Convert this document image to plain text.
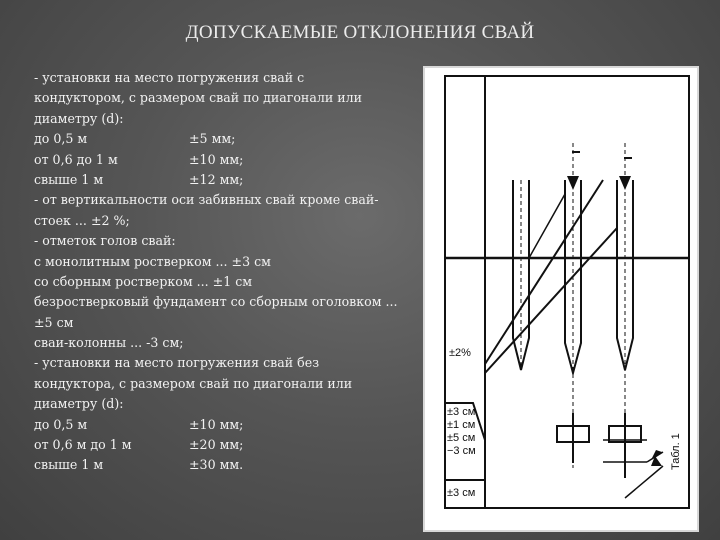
ДОПУСКАЕМЫЕ ОТКЛОНЕНИЯ СВАЙ
- установки на место погружения свай с
кондуктором, с размером свай по диагонали или
диаметру (d):
до 0,5 м	±5 мм;
от 0,6 до 1 м	±10 мм;
свыше 1 м	±12 мм;
- от вертикальности оси забивных свай кроме свай-
стоек ... ±2 %;
- отметок голов свай:
с монолитным ростверком ... ±3 см
со сборным ростверком ... ±1 см
безростверковый фундамент со сборным оголовком ...
±5 см
сваи-колонны ... -3 см;
- установки на место погружения свай без
кондуктора, с размером свай по диагонали или
диаметру (d):
до 0,5 м	±10 мм;
от 0,6 м до 1 м	±20 мм;
свыше 1 м	±30 мм.
±2%
±3 см
±1 см
±5 см
−3 см
±3 см
Табл. 1
